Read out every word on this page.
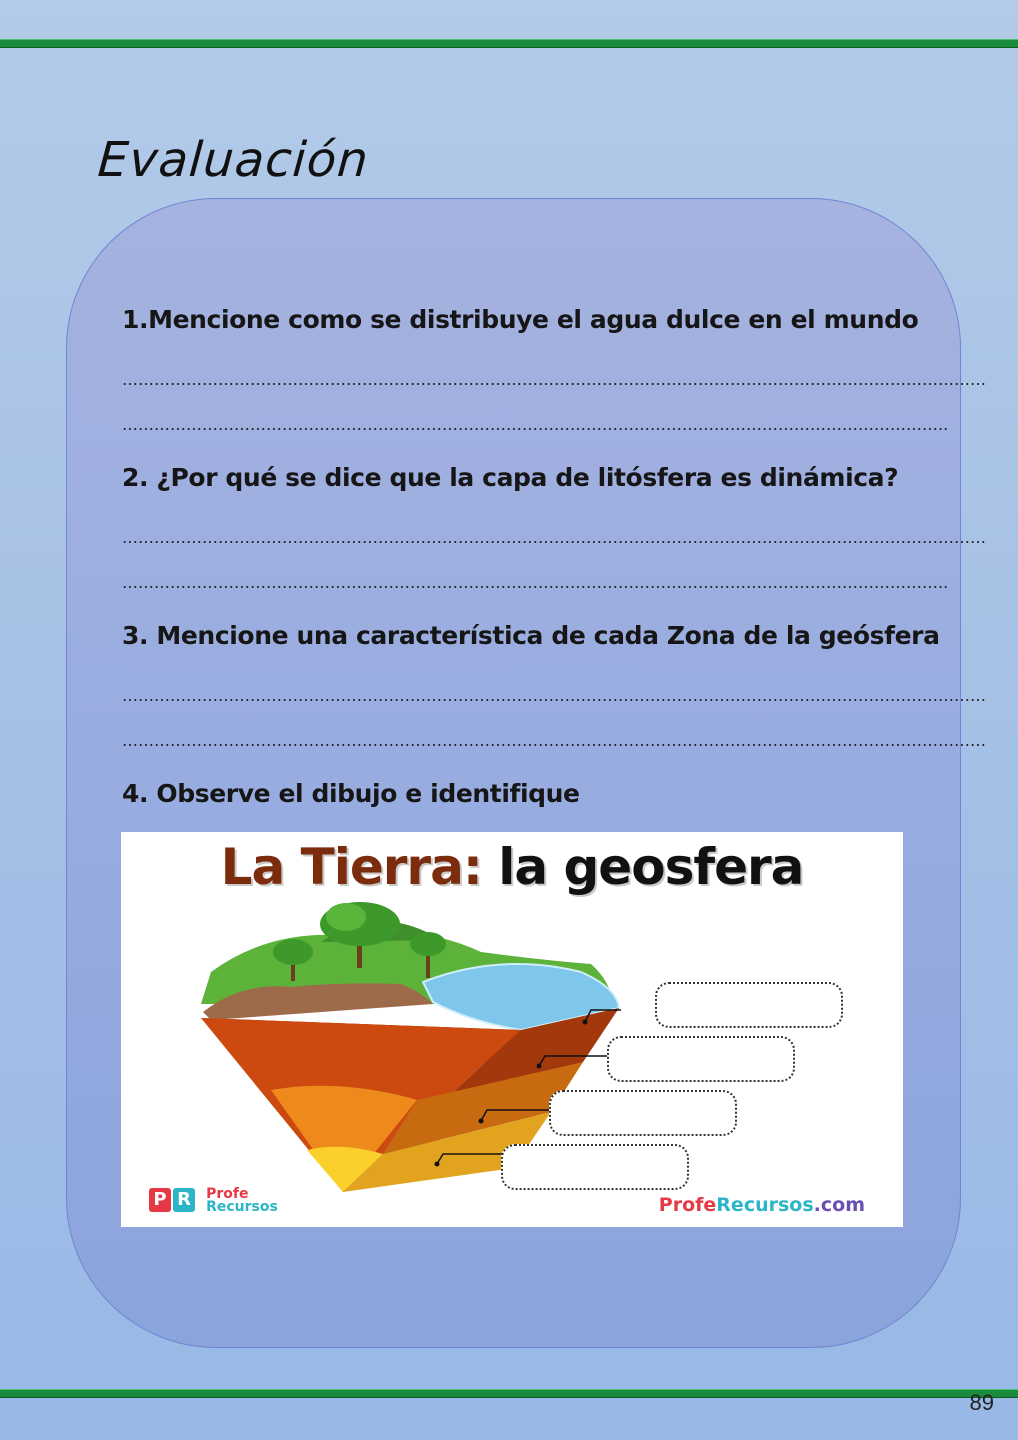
Evaluación
1.Mencione como se distribuye el agua dulce en el mundo
………………………………………………………………………………………………………………………………………………
………………………………………………………………………………………………………………………………………..
2. ¿Por qué se dice que la capa de litósfera es dinámica?
………………………………………………………………………………………………………………………………………………
………………………………………………………………………………………………………………………………………..
3. Mencione una característica de cada Zona de la geósfera
………………………………………………………………………………………………………………………………………………
………………………………………………………………………………………………………………………………………………
4. Observe el dibujo e identifique
La Tierra: la geosfera
P R Profe
Recursos	ProfeRecursos.com
89
